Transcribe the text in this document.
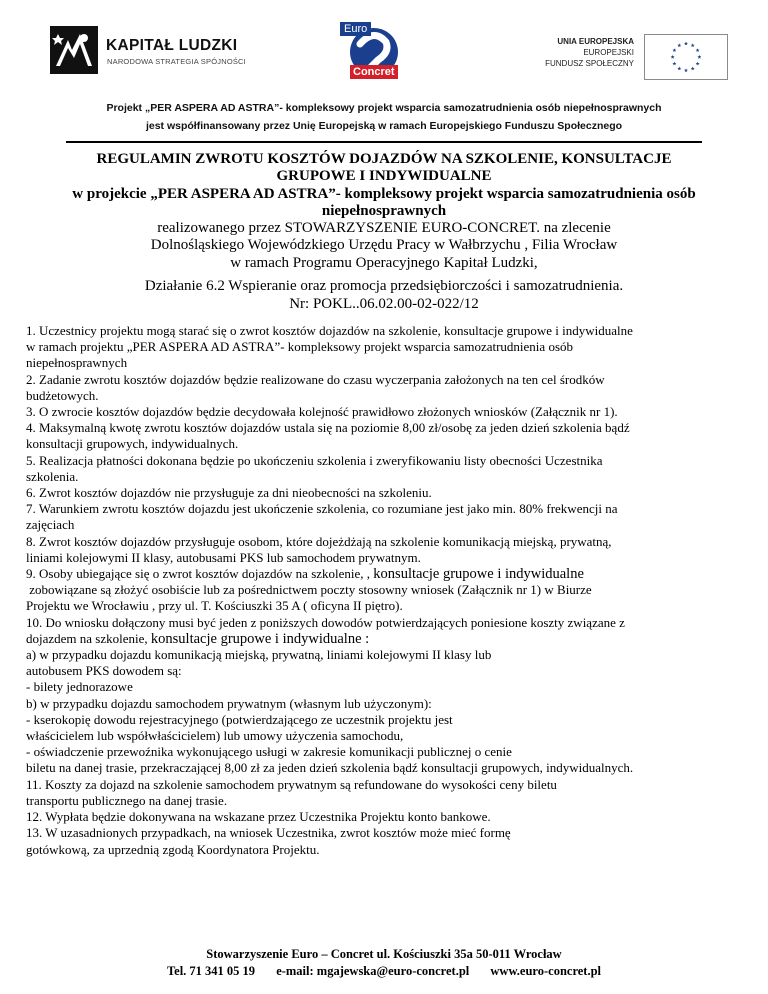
KAPITAŁ LUDZKI
NARODOWA STRATEGIA SPÓJNOŚCI
Euro
Concret
UNIA EUROPEJSKA
EUROPEJSKI
FUNDUSZ SPOŁECZNY
Projekt „PER ASPERA AD ASTRA”- kompleksowy projekt wsparcia samozatrudnienia osób niepełnosprawnych
jest współfinansowany przez Unię Europejską w ramach Europejskiego Funduszu Społecznego
REGULAMIN ZWROTU KOSZTÓW DOJAZDÓW NA SZKOLENIE, KONSULTACJE
GRUPOWE I INDYWIDUALNE
w projekcie „PER ASPERA AD ASTRA”- kompleksowy projekt wsparcia samozatrudnienia osób
niepełnosprawnych
realizowanego przez STOWARZYSZENIE EURO-CONCRET. na zlecenie
Dolnośląskiego Wojewódzkiego Urzędu Pracy w Wałbrzychu , Filia Wrocław
w ramach Programu Operacyjnego Kapitał Ludzki,
Działanie 6.2 Wspieranie oraz promocja przedsiębiorczości i samozatrudnienia.
Nr: POKL..06.02.00-02-022/12
1. Uczestnicy projektu mogą starać się o zwrot kosztów dojazdów na szkolenie, konsultacje grupowe i indywidualne
w ramach projektu „PER ASPERA AD ASTRA”- kompleksowy projekt wsparcia samozatrudnienia osób
niepełnosprawnych
2. Zadanie zwrotu kosztów dojazdów będzie realizowane do czasu wyczerpania założonych na ten cel środków
budżetowych.
3. O zwrocie kosztów dojazdów będzie decydowała kolejność prawidłowo złożonych wniosków (Załącznik nr 1).
4. Maksymalną kwotę zwrotu kosztów dojazdów ustala się na poziomie 8,00 zł/osobę za jeden dzień szkolenia bądź
konsultacji grupowych, indywidualnych.
5. Realizacja płatności dokonana będzie po ukończeniu szkolenia i zweryfikowaniu listy obecności Uczestnika
szkolenia.
6. Zwrot kosztów dojazdów nie przysługuje za dni nieobecności na szkoleniu.
7. Warunkiem zwrotu kosztów dojazdu jest ukończenie szkolenia, co rozumiane jest jako min. 80% frekwencji na
zajęciach
8. Zwrot kosztów dojazdów przysługuje osobom, które dojeżdżają na szkolenie komunikacją miejską, prywatną,
liniami kolejowymi II klasy, autobusami PKS lub samochodem prywatnym.
9. Osoby ubiegające się o zwrot kosztów dojazdów na szkolenie, , konsultacje grupowe i indywidualne
zobowiązane są złożyć osobiście lub za pośrednictwem poczty stosowny wniosek (Załącznik nr 1) w Biurze
Projektu we Wrocławiu , przy ul. T. Kościuszki 35 A ( oficyna II piętro).
10. Do wniosku dołączony musi być jeden z poniższych dowodów potwierdzających poniesione koszty związane z
dojazdem na szkolenie, konsultacje grupowe i indywidualne :
a) w przypadku dojazdu komunikacją miejską, prywatną, liniami kolejowymi II klasy lub
autobusem PKS dowodem są:
- bilety jednorazowe
b) w przypadku dojazdu samochodem prywatnym (własnym lub użyczonym):
- kserokopię dowodu rejestracyjnego (potwierdzającego ze uczestnik projektu jest
właścicielem lub współwłaścicielem) lub umowy użyczenia samochodu,
- oświadczenie przewoźnika wykonującego usługi w zakresie komunikacji publicznej o cenie
biletu na danej trasie, przekraczającej 8,00 zł za jeden dzień szkolenia bądź konsultacji grupowych, indywidualnych.
11. Koszty za dojazd na szkolenie samochodem prywatnym są refundowane do wysokości ceny biletu
transportu publicznego na danej trasie.
12. Wypłata będzie dokonywana na wskazane przez Uczestnika Projektu konto bankowe.
13. W uzasadnionych przypadkach, na wniosek Uczestnika, zwrot kosztów może mieć formę
gotówkową, za uprzednią zgodą Koordynatora Projektu.
Stowarzyszenie Euro – Concret ul. Kościuszki 35a 50-011 Wrocław
Tel. 71 341 05 19 e-mail: mgajewska@euro-concret.pl www.euro-concret.pl
